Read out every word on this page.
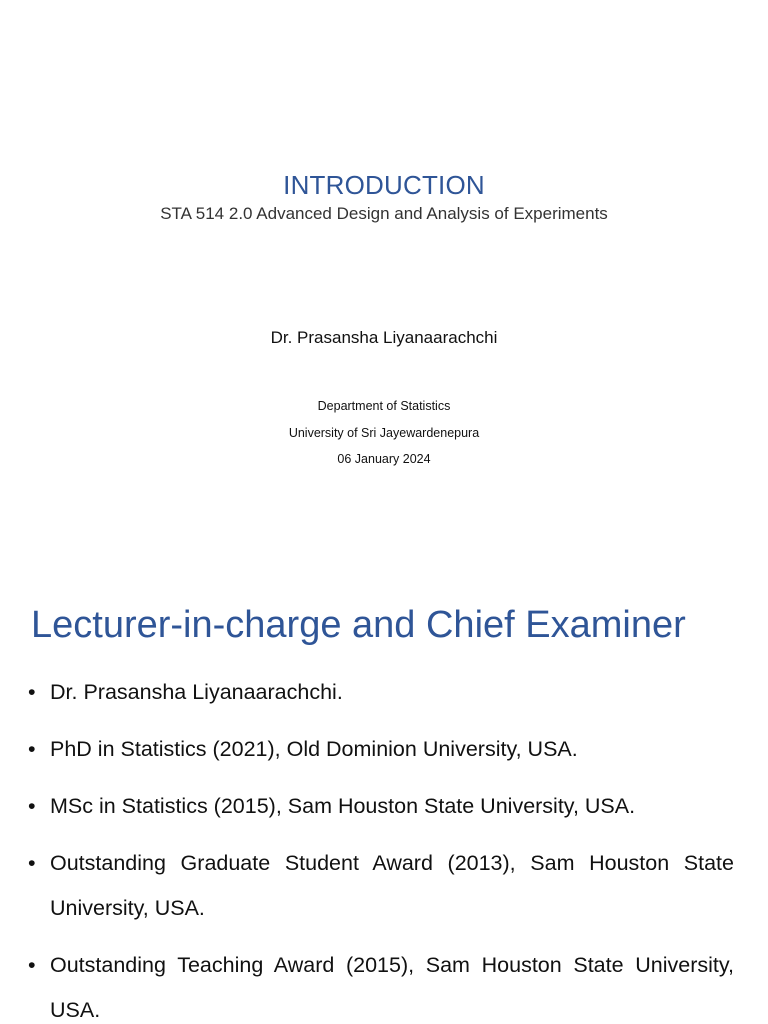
INTRODUCTION
STA 514 2.0 Advanced Design and Analysis of Experiments
Dr. Prasansha Liyanaarachchi
Department of Statistics
University of Sri Jayewardenepura
06 January 2024
Lecturer-in-charge and Chief Examiner
• Dr. Prasansha Liyanaarachchi.
• PhD in Statistics (2021), Old Dominion University, USA.
• MSc in Statistics (2015), Sam Houston State University, USA.
• Outstanding Graduate Student Award (2013), Sam Houston State University, USA.
• Outstanding Teaching Award (2015), Sam Houston State University, USA.
